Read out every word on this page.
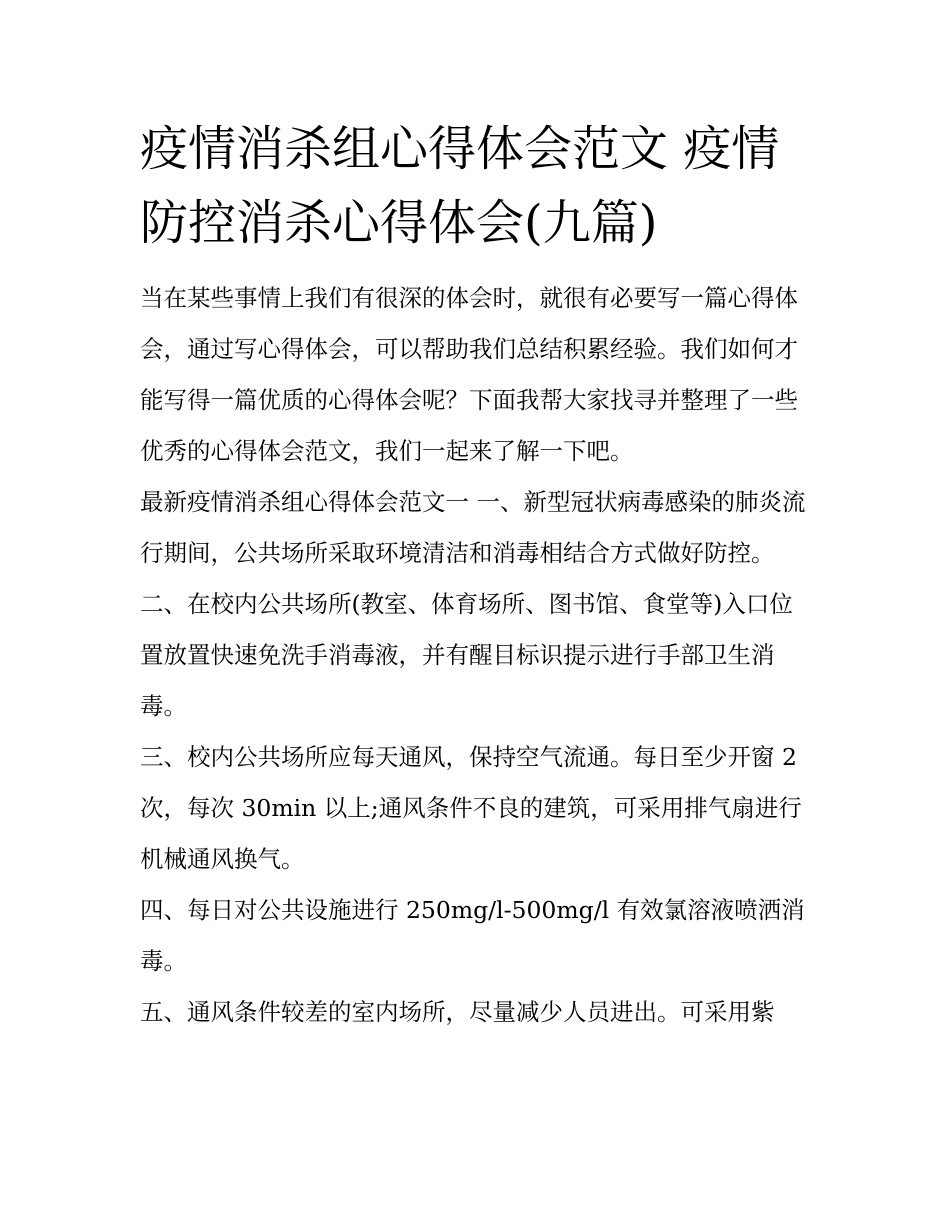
疫情消杀组心得体会范文 疫情防控消杀心得体会(九篇)

当在某些事情上我们有很深的体会时，就很有必要写一篇心得体会，通过写心得体会，可以帮助我们总结积累经验。我们如何才能写得一篇优质的心得体会呢？下面我帮大家找寻并整理了一些优秀的心得体会范文，我们一起来了解一下吧。

最新疫情消杀组心得体会范文一 一、新型冠状病毒感染的肺炎流行期间，公共场所采取环境清洁和消毒相结合方式做好防控。

二、在校内公共场所(教室、体育场所、图书馆、食堂等)入口位置放置快速免洗手消毒液，并有醒目标识提示进行手部卫生消毒。

三、校内公共场所应每天通风，保持空气流通。每日至少开窗 2 次，每次 30min 以上;通风条件不良的建筑，可采用排气扇进行机械通风换气。

四、每日对公共设施进行 250mg/l-500mg/l 有效氯溶液喷洒消毒。

五、通风条件较差的室内场所，尽量减少人员进出。可采用紫
